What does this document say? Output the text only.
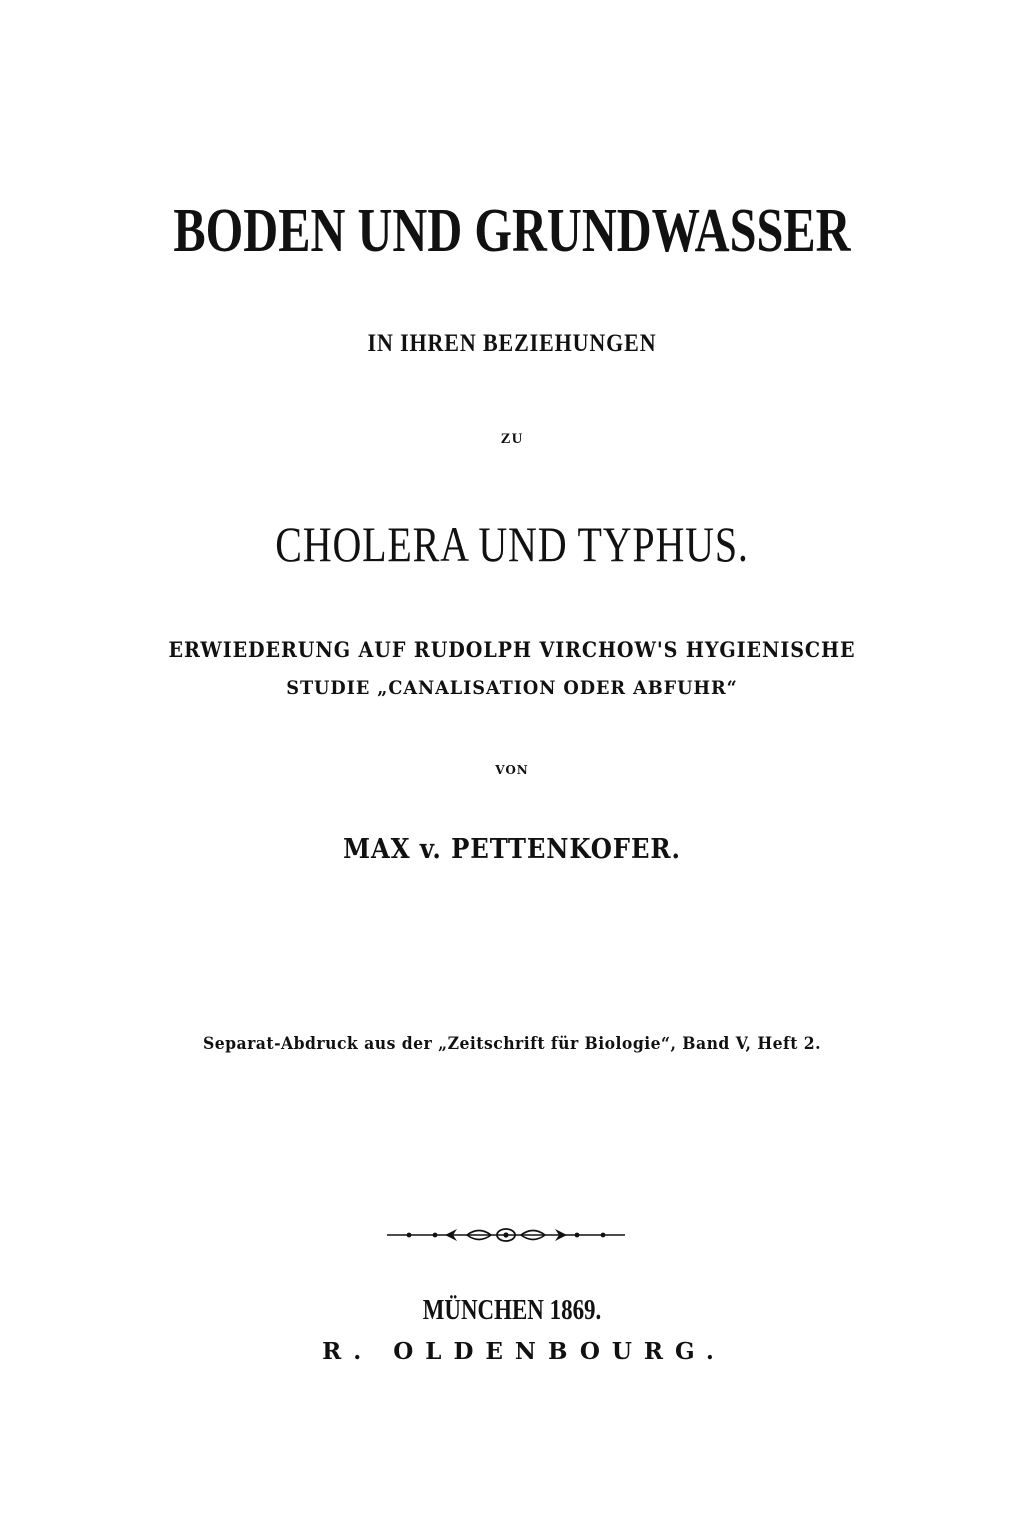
BODEN UND GRUNDWASSER
IN IHREN BEZIEHUNGEN
ZU
CHOLERA UND TYPHUS.
ERWIEDERUNG AUF RUDOLPH VIRCHOW'S HYGIENISCHE
STUDIE „CANALISATION ODER ABFUHR“
VON
MAX v. PETTENKOFER.
Separat-Abdruck aus der „Zeitschrift für Biologie“, Band V, Heft 2.
MÜNCHEN 1869.
R. OLDENBOURG.
